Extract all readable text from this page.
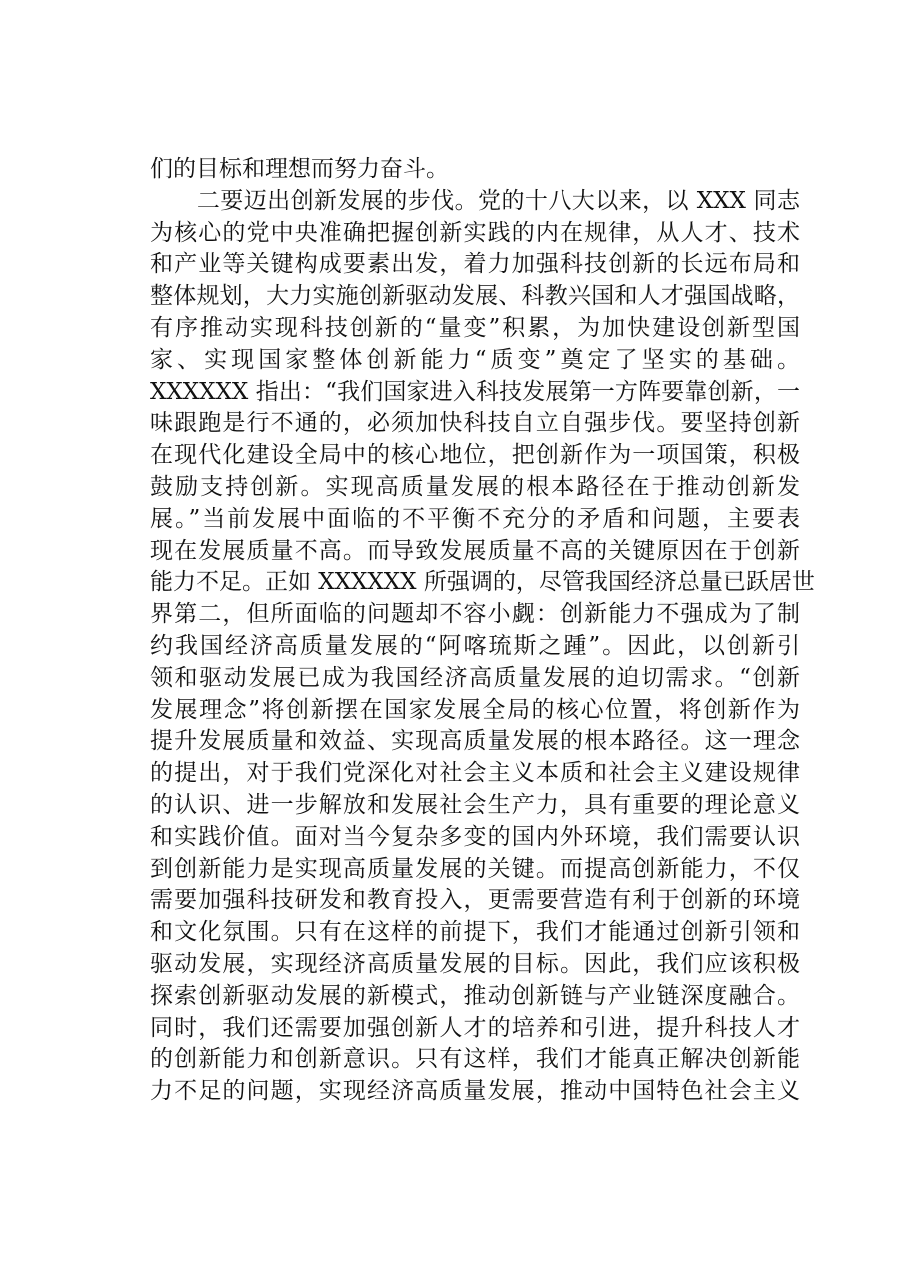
们的目标和理想而努力奋斗。
　　二要迈出创新发展的步伐。党的十八大以来，以 XXX 同志
为核心的党中央准确把握创新实践的内在规律，从人才、技术
和产业等关键构成要素出发，着力加强科技创新的长远布局和
整体规划，大力实施创新驱动发展、科教兴国和人才强国战略，
有序推动实现科技创新的“量变”积累，为加快建设创新型国
家、实现国家整体创新能力“质变”奠定了坚实的基础。
XXXXXX 指出：“我们国家进入科技发展第一方阵要靠创新，一
味跟跑是行不通的，必须加快科技自立自强步伐。要坚持创新
在现代化建设全局中的核心地位，把创新作为一项国策，积极
鼓励支持创新。实现高质量发展的根本路径在于推动创新发
展。”当前发展中面临的不平衡不充分的矛盾和问题，主要表
现在发展质量不高。而导致发展质量不高的关键原因在于创新
能力不足。正如 XXXXXX 所强调的，尽管我国经济总量已跃居世
界第二，但所面临的问题却不容小觑：创新能力不强成为了制
约我国经济高质量发展的“阿喀琉斯之踵”。因此，以创新引
领和驱动发展已成为我国经济高质量发展的迫切需求。“创新
发展理念”将创新摆在国家发展全局的核心位置，将创新作为
提升发展质量和效益、实现高质量发展的根本路径。这一理念
的提出，对于我们党深化对社会主义本质和社会主义建设规律
的认识、进一步解放和发展社会生产力，具有重要的理论意义
和实践价值。面对当今复杂多变的国内外环境，我们需要认识
到创新能力是实现高质量发展的关键。而提高创新能力，不仅
需要加强科技研发和教育投入，更需要营造有利于创新的环境
和文化氛围。只有在这样的前提下，我们才能通过创新引领和
驱动发展，实现经济高质量发展的目标。因此，我们应该积极
探索创新驱动发展的新模式，推动创新链与产业链深度融合。
同时，我们还需要加强创新人才的培养和引进，提升科技人才
的创新能力和创新意识。只有这样，我们才能真正解决创新能
力不足的问题，实现经济高质量发展，推动中国特色社会主义
